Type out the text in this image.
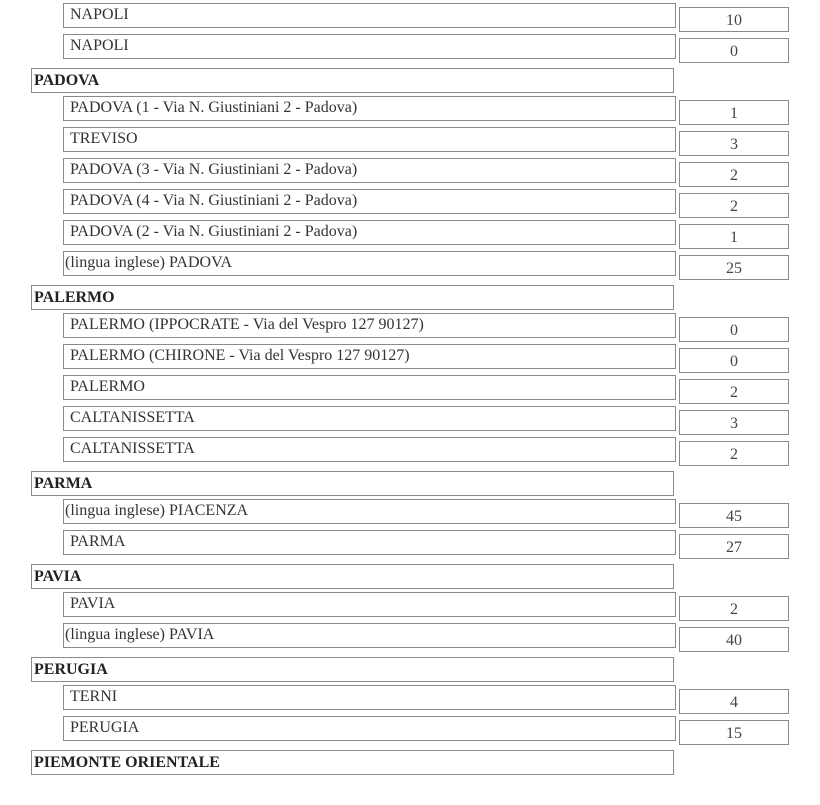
NAPOLI	10
NAPOLI	0
PADOVA
PADOVA (1 - Via N. Giustiniani 2 - Padova)	1
TREVISO	3
PADOVA (3 - Via N. Giustiniani 2 - Padova)	2
PADOVA (4 - Via N. Giustiniani 2 - Padova)	2
PADOVA (2 - Via N. Giustiniani 2 - Padova)	1
(lingua inglese) PADOVA	25
PALERMO
PALERMO (IPPOCRATE - Via del Vespro 127 90127)	0
PALERMO (CHIRONE - Via del Vespro 127 90127)	0
PALERMO	2
CALTANISSETTA	3
CALTANISSETTA	2
PARMA
(lingua inglese) PIACENZA	45
PARMA	27
PAVIA
PAVIA	2
(lingua inglese) PAVIA	40
PERUGIA
TERNI	4
PERUGIA	15
PIEMONTE ORIENTALE
